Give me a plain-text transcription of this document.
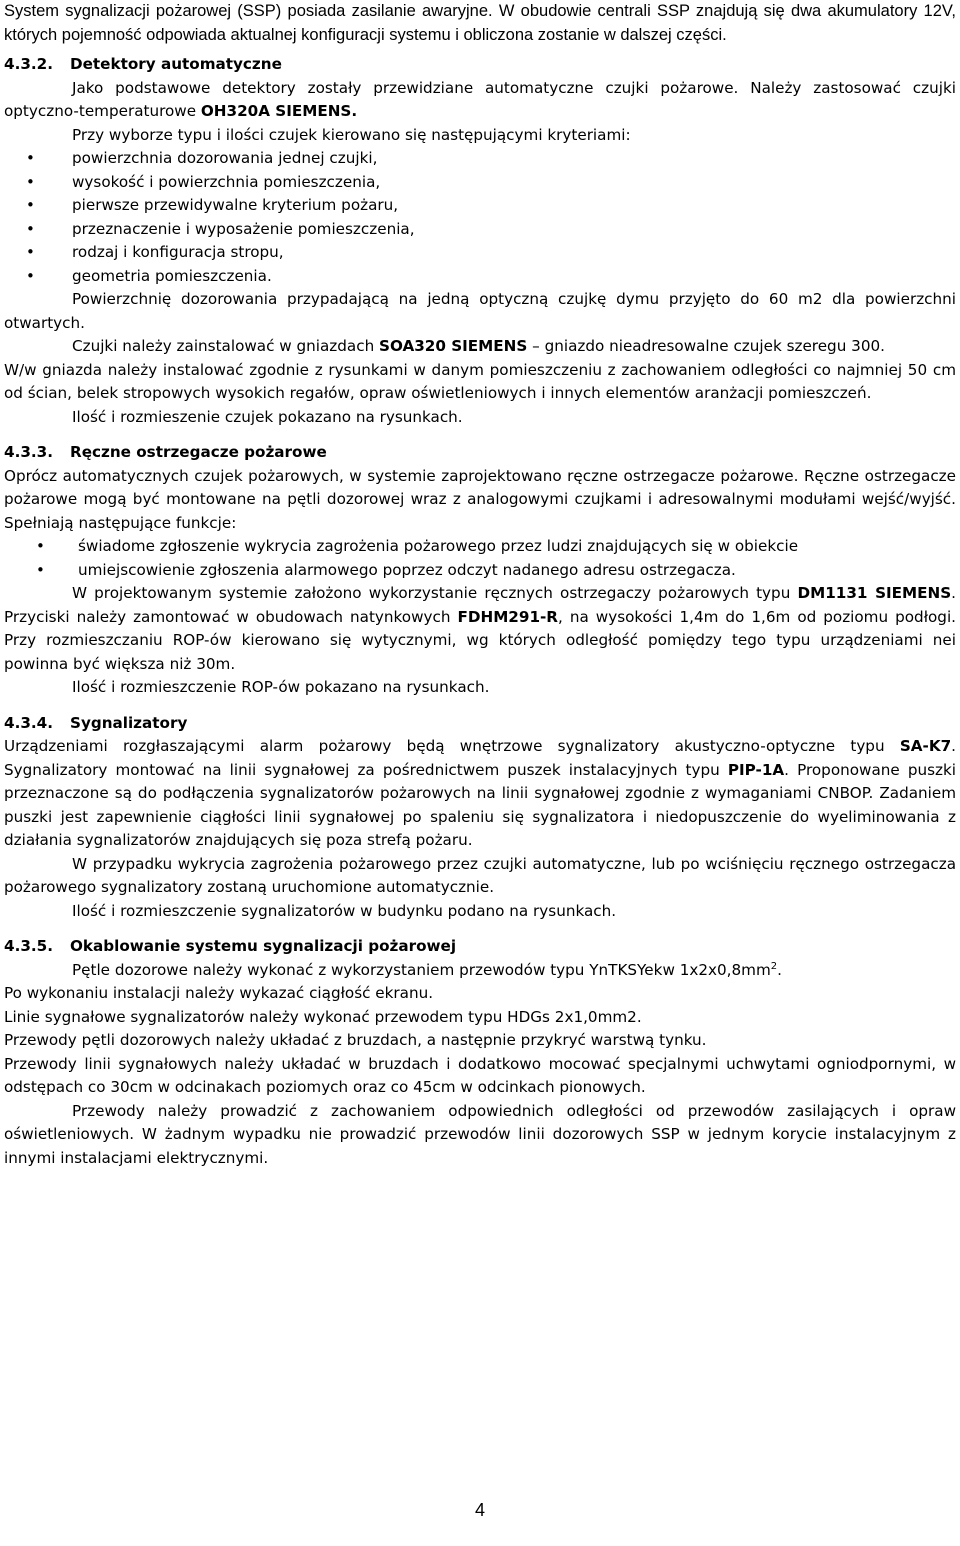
System sygnalizacji pożarowej (SSP) posiada zasilanie awaryjne. W obudowie centrali SSP znajdują się dwa akumulatory 12V, których pojemność odpowiada aktualnej konfiguracji systemu i obliczona zostanie w dalszej części.

4.3.2. Detektory automatyczne

Jako podstawowe detektory zostały przewidziane automatyczne czujki pożarowe. Należy zastosować czujki optyczno-temperaturowe OH320A SIEMENS.

Przy wyborze typu i ilości czujek kierowano się następującymi kryteriami:

• powierzchnia dozorowania jednej czujki,
• wysokość i powierzchnia pomieszczenia,
• pierwsze przewidywalne kryterium pożaru,
• przeznaczenie i wyposażenie pomieszczenia,
• rodzaj i konfiguracja stropu,
• geometria pomieszczenia.

Powierzchnię dozorowania przypadającą na jedną optyczną czujkę dymu przyjęto do 60 m2 dla powierzchni otwartych.

Czujki należy zainstalować w gniazdach SOA320 SIEMENS – gniazdo nieadresowalne czujek szeregu 300.

W/w gniazda należy instalować zgodnie z rysunkami w danym pomieszczeniu z zachowaniem odległości co najmniej 50 cm od ścian, belek stropowych wysokich regałów, opraw oświetleniowych i innych elementów aranżacji pomieszczeń.

Ilość i rozmieszenie czujek pokazano na rysunkach.

4.3.3. Ręczne ostrzegacze pożarowe

Oprócz automatycznych czujek pożarowych, w systemie zaprojektowano ręczne ostrzegacze pożarowe. Ręczne ostrzegacze pożarowe mogą być montowane na pętli dozorowej wraz z analogowymi czujkami i adresowalnymi modułami wejść/wyjść. Spełniają następujące funkcje:

• świadome zgłoszenie wykrycia zagrożenia pożarowego przez ludzi znajdujących się w obiekcie
• umiejscowienie zgłoszenia alarmowego poprzez odczyt nadanego adresu ostrzegacza.

W projektowanym systemie założono wykorzystanie ręcznych ostrzegaczy pożarowych typu DM1131 SIEMENS. Przyciski należy zamontować w obudowach natynkowych FDHM291-R, na wysokości 1,4m do 1,6m od poziomu podłogi. Przy rozmieszczaniu ROP-ów kierowano się wytycznymi, wg których odległość pomiędzy tego typu urządzeniami nei powinna być większa niż 30m.

Ilość i rozmieszczenie ROP-ów pokazano na rysunkach.

4.3.4. Sygnalizatory

Urządzeniami rozgłaszającymi alarm pożarowy będą wnętrzowe sygnalizatory akustyczno-optyczne typu SA-K7. Sygnalizatory montować na linii sygnałowej za pośrednictwem puszek instalacyjnych typu PIP-1A. Proponowane puszki przeznaczone są do podłączenia sygnalizatorów pożarowych na linii sygnałowej zgodnie z wymaganiami CNBOP. Zadaniem puszki jest zapewnienie ciągłości linii sygnałowej po spaleniu się sygnalizatora i niedopuszczenie do wyeliminowania z działania sygnalizatorów znajdujących się poza strefą pożaru.

W przypadku wykrycia zagrożenia pożarowego przez czujki automatyczne, lub po wciśnięciu ręcznego ostrzegacza pożarowego sygnalizatory zostaną uruchomione automatycznie.

Ilość i rozmieszczenie sygnalizatorów w budynku podano na rysunkach.

4.3.5. Okablowanie systemu sygnalizacji pożarowej

Pętle dozorowe należy wykonać z wykorzystaniem przewodów typu YnTKSYekw $1x2x0,8mm^2$.

Po wykonaniu instalacji należy wykazać ciągłość ekranu.

Linie sygnałowe sygnalizatorów należy wykonać przewodem typu HDGs 2x1,0mm2.

Przewody pętli dozorowych należy układać z bruzdach, a następnie przykryć warstwą tynku.

Przewody linii sygnałowych należy układać w bruzdach i dodatkowo mocować specjalnymi uchwytami ogniodpornymi, w odstępach co 30cm w odcinakach poziomych oraz co 45cm w odcinkach pionowych.

Przewody należy prowadzić z zachowaniem odpowiednich odległości od przewodów zasilających i opraw oświetleniowych. W żadnym wypadku nie prowadzić przewodów linii dozorowych SSP w jednym korycie instalacyjnym z innymi instalacjami elektrycznymi.

4
